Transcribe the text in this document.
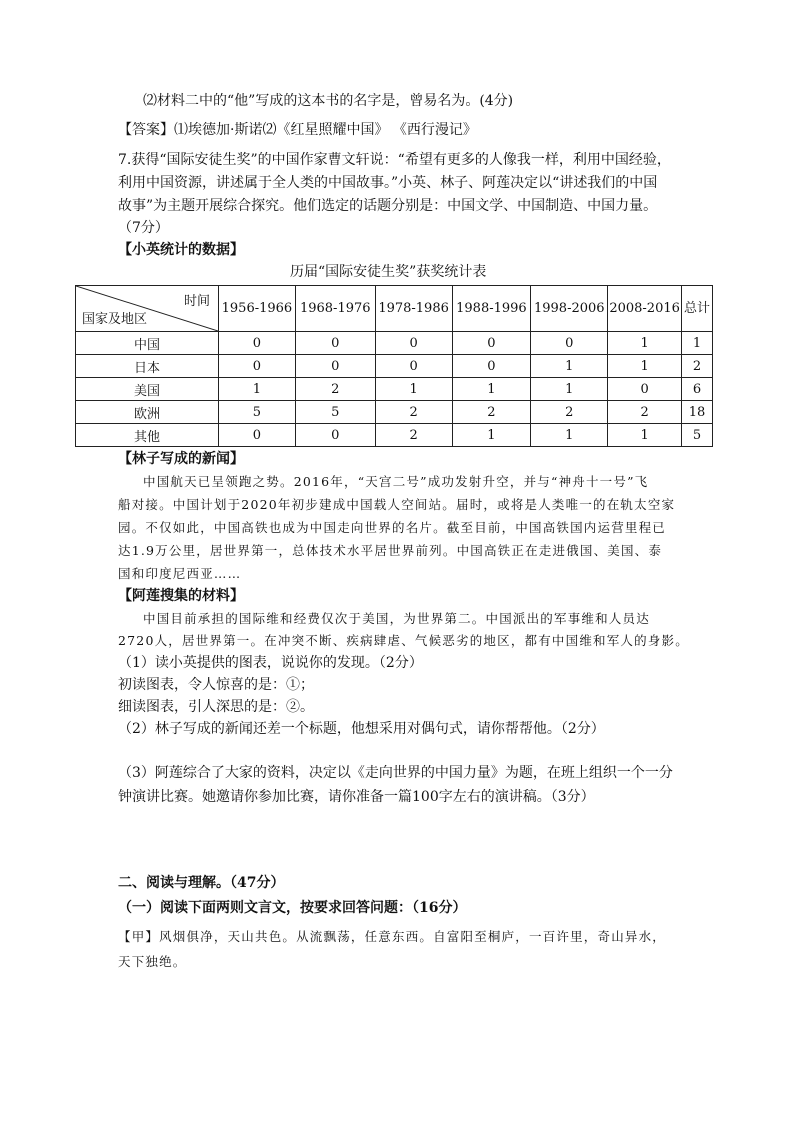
⑵材料二中的“他”写成的这本书的名字是，曾易名为。(4分)
【答案】⑴埃德加·斯诺⑵《红星照耀中国》 《西行漫记》
7.获得“国际安徒生奖”的中国作家曹文轩说：“希望有更多的人像我一样，利用中国经验，
利用中国资源，讲述属于全人类的中国故事。”小英、林子、阿莲决定以“讲述我们的中国
故事”为主题开展综合探究。他们选定的话题分别是：中国文学、中国制造、中国力量。
（7分）
【小英统计的数据】
历届“国际安徒生奖”获奖统计表
时间
国家及地区	1956-1966	1968-1976	1978-1986	1988-1996	1998-2006	2008-2016	总计
中国	0	0	0	0	0	1	1
日本	0	0	0	0	1	1	2
美国	1	2	1	1	1	0	6
欧洲	5	5	2	2	2	2	18
其他	0	0	2	1	1	1	5
【林子写成的新闻】
中国航天已呈领跑之势。2016年，“天宫二号”成功发射升空，并与“神舟十一号”飞
船对接。中国计划于2020年初步建成中国载人空间站。届时，或将是人类唯一的在轨太空家
园。不仅如此，中国高铁也成为中国走向世界的名片。截至目前，中国高铁国内运营里程已
达1.9万公里，居世界第一，总体技术水平居世界前列。中国高铁正在走进俄国、美国、泰
国和印度尼西亚……
【阿莲搜集的材料】
中国目前承担的国际维和经费仅次于美国，为世界第二。中国派出的军事维和人员达
2720人，居世界第一。在冲突不断、疾病肆虐、气候恶劣的地区，都有中国维和军人的身影。
（1）读小英提供的图表，说说你的发现。（2分）
初读图表，令人惊喜的是：①；
细读图表，引人深思的是：②。
（2）林子写成的新闻还差一个标题，他想采用对偶句式，请你帮帮他。（2分）
（3）阿莲综合了大家的资料，决定以《走向世界的中国力量》为题，在班上组织一个一分
钟演讲比赛。她邀请你参加比赛，请你准备一篇100字左右的演讲稿。（3分）
二、阅读与理解。（47分）
（一）阅读下面两则文言文，按要求回答问题：（16分）
【甲】风烟俱净，天山共色。从流飘荡，任意东西。自富阳至桐庐，一百许里，奇山异水，
天下独绝。
